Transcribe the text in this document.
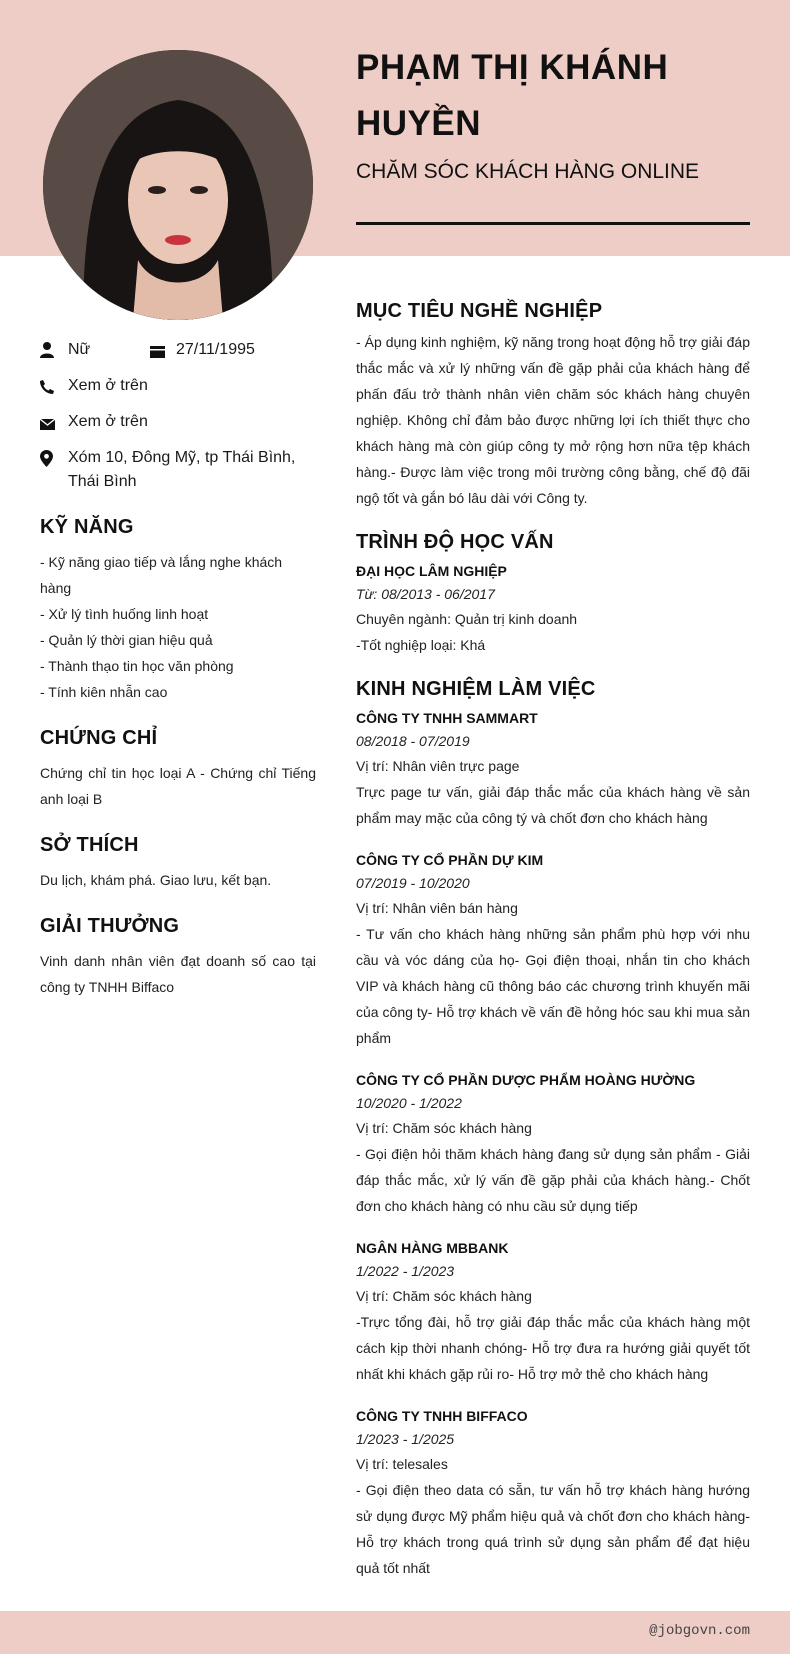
PHẠM THỊ KHÁNH HUYỀN
CHĂM SÓC KHÁCH HÀNG ONLINE
Nữ	27/11/1995
Xem ở trên
Xem ở trên
Xóm 10, Đông Mỹ, tp Thái Bình, Thái Bình
KỸ NĂNG
- Kỹ năng giao tiếp và lắng nghe khách hàng
- Xử lý tình huống linh hoạt
- Quản lý thời gian hiệu quả
- Thành thạo tin học văn phòng
- Tính kiên nhẫn cao
CHỨNG CHỈ
Chứng chỉ tin học loại A - Chứng chỉ Tiếng anh loại B
SỞ THÍCH
Du lịch, khám phá. Giao lưu, kết bạn.
GIẢI THƯỞNG
Vinh danh nhân viên đạt doanh số cao tại công ty TNHH Biffaco
MỤC TIÊU NGHỀ NGHIỆP
- Áp dụng kinh nghiệm, kỹ năng trong hoạt động hỗ trợ giải đáp thắc mắc và xử lý những vấn đề gặp phải của khách hàng để phấn đấu trở thành nhân viên chăm sóc khách hàng chuyên nghiệp. Không chỉ đảm bảo được những lợi ích thiết thực cho khách hàng mà còn giúp công ty mở rộng hơn nữa tệp khách hàng.- Được làm việc trong môi trường công bằng, chế độ đãi ngộ tốt và gắn bó lâu dài với Công ty.
TRÌNH ĐỘ HỌC VẤN
ĐẠI HỌC LÂM NGHIỆP
Từ: 08/2013 - 06/2017
Chuyên ngành: Quản trị kinh doanh
-Tốt nghiệp loại: Khá
KINH NGHIỆM LÀM VIỆC
CÔNG TY TNHH SAMMART
08/2018 - 07/2019
Vị trí: Nhân viên trực page
Trực page tư vấn, giải đáp thắc mắc của khách hàng về sản phẩm may mặc của công tý và chốt đơn cho khách hàng
CÔNG TY CỔ PHẦN DỰ KIM
07/2019 - 10/2020
Vị trí: Nhân viên bán hàng
- Tư vấn cho khách hàng những sản phẩm phù hợp với nhu cầu và vóc dáng của họ- Gọi điện thoại, nhắn tin cho khách VIP và khách hàng cũ thông báo các chương trình khuyến mãi của công ty- Hỗ trợ khách về vấn đề hỏng hóc sau khi mua sản phẩm
CÔNG TY CỔ PHẦN DƯỢC PHẨM HOÀNG HƯỜNG
10/2020 - 1/2022
Vị trí: Chăm sóc khách hàng
- Gọi điện hỏi thăm khách hàng đang sử dụng sản phẩm - Giải đáp thắc mắc, xử lý vấn đề gặp phải của khách hàng.- Chốt đơn cho khách hàng có nhu cầu sử dụng tiếp
NGÂN HÀNG MBBANK
1/2022 - 1/2023
Vị trí: Chăm sóc khách hàng
-Trực tổng đài, hỗ trợ giải đáp thắc mắc của khách hàng một cách kịp thời nhanh chóng- Hỗ trợ đưa ra hướng giải quyết tốt nhất khi khách gặp rủi ro- Hỗ trợ mở thẻ cho khách hàng
CÔNG TY TNHH BIFFACO
1/2023 - 1/2025
Vị trí: telesales
- Gọi điện theo data có sẵn, tư vấn hỗ trợ khách hàng hướng sử dụng được Mỹ phẩm hiệu quả và chốt đơn cho khách hàng- Hỗ trợ khách trong quá trình sử dụng sản phẩm để đạt hiệu quả tốt nhất
@jobgovn.com
